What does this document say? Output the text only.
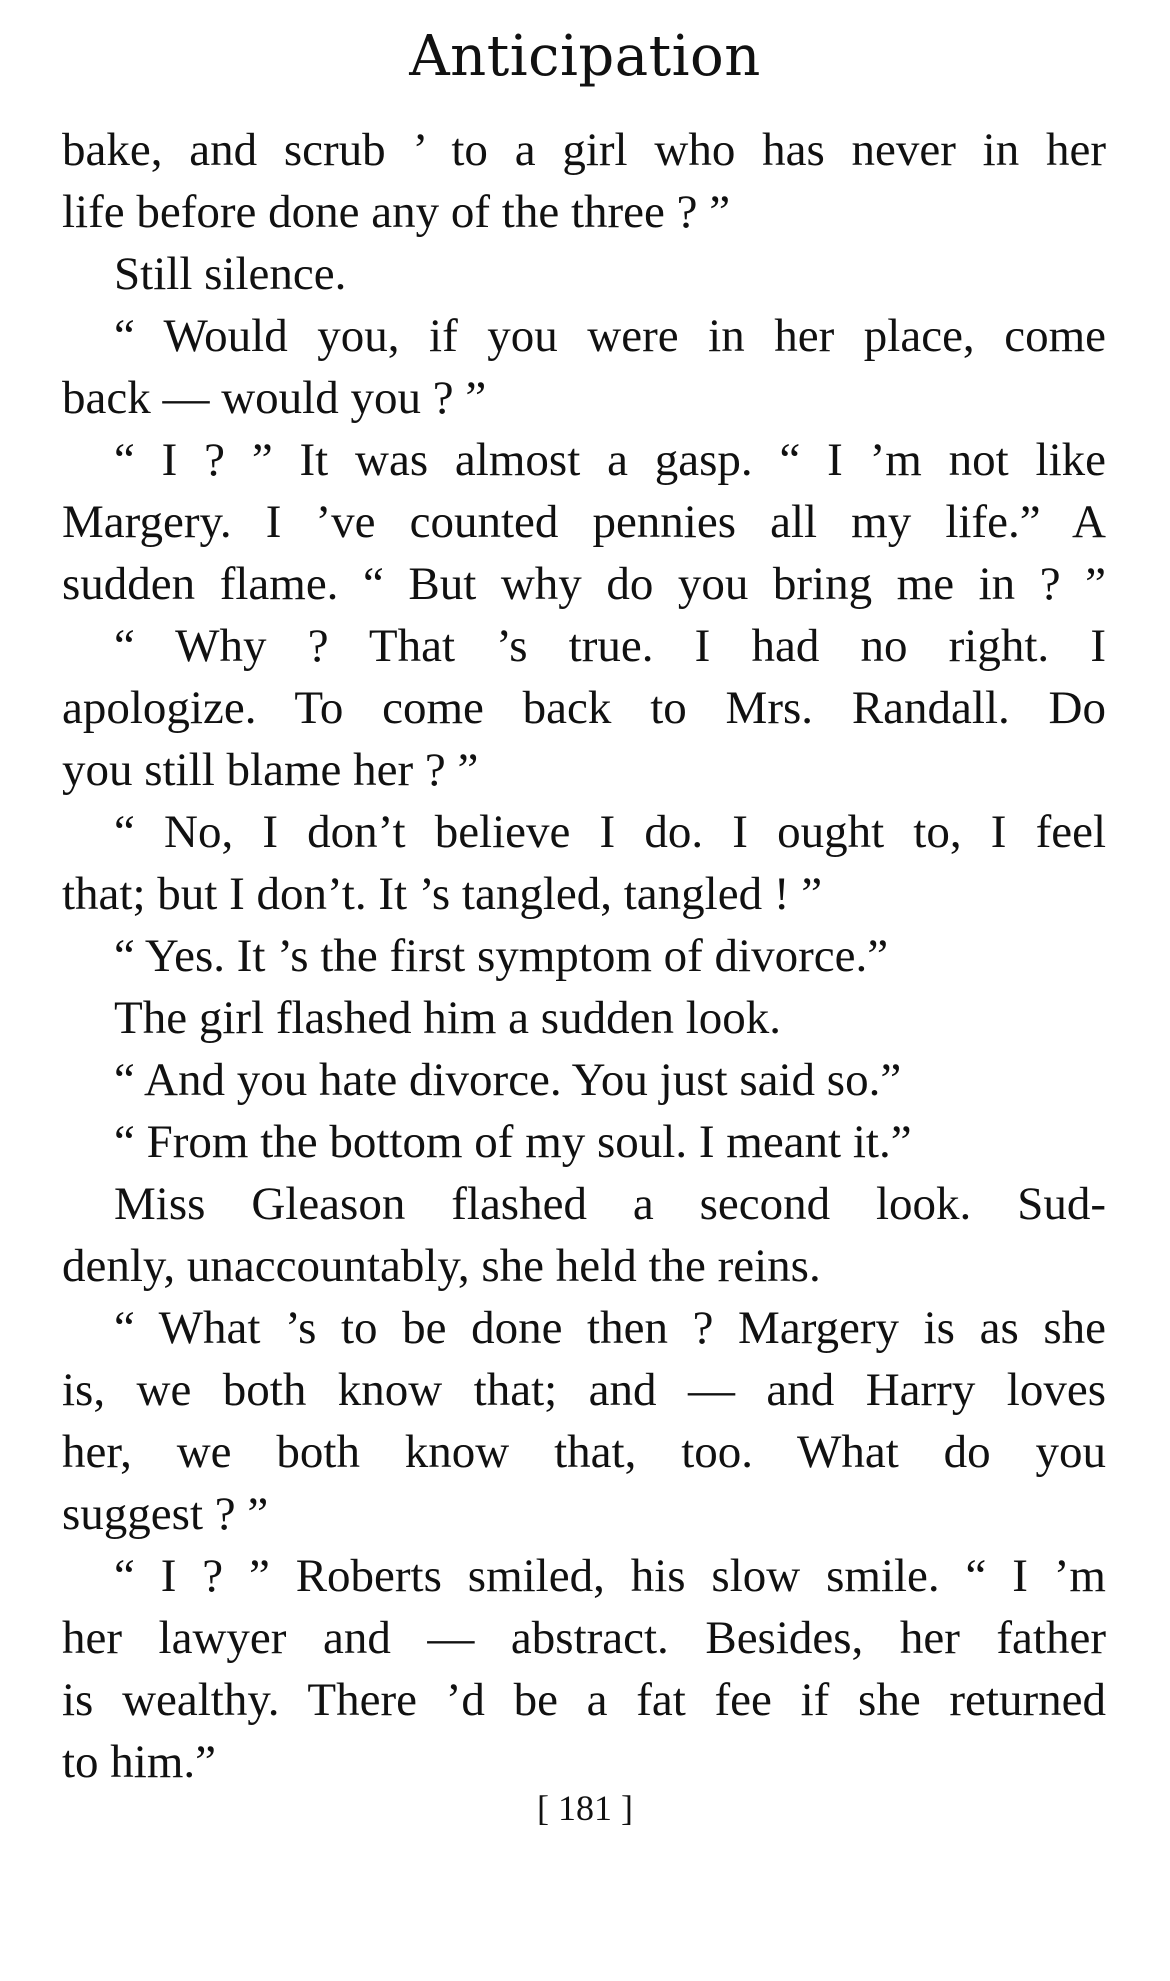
Anticipation
bake, and scrub ’ to a girl who has never in her
life before done any of the three ? ”
Still silence.
“ Would you, if you were in her place, come
back — would you ? ”
“ I ? ” It was almost a gasp. “ I ’m not like
Margery. I ’ve counted pennies all my life.” A
sudden flame. “ But why do you bring me in ? ”
“ Why ? That ’s true. I had no right. I
apologize. To come back to Mrs. Randall. Do
you still blame her ? ”
“ No, I don’t believe I do. I ought to, I feel
that; but I don’t. It ’s tangled, tangled ! ”
“ Yes. It ’s the first symptom of divorce.”
The girl flashed him a sudden look.
“ And you hate divorce. You just said so.”
“ From the bottom of my soul. I meant it.”
Miss Gleason flashed a second look. Sud-
denly, unaccountably, she held the reins.
“ What ’s to be done then ? Margery is as she
is, we both know that; and — and Harry loves
her, we both know that, too. What do you
suggest ? ”
“ I ? ” Roberts smiled, his slow smile. “ I ’m
her lawyer and — abstract. Besides, her father
is wealthy. There ’d be a fat fee if she returned
to him.”
[ 181 ]
